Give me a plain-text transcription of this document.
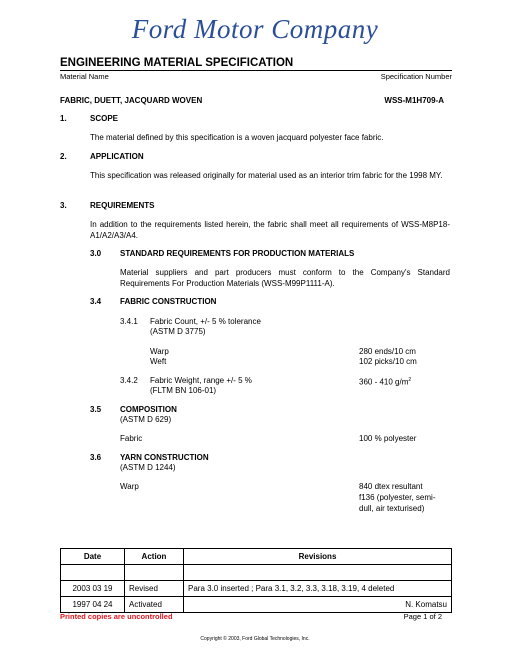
Ford Motor Company
ENGINEERING MATERIAL SPECIFICATION
Material Name	Specification Number
FABRIC, DUETT, JACQUARD WOVEN	WSS-M1H709-A
1.	SCOPE
The material defined by this specification is a woven jacquard polyester face fabric.
2.	APPLICATION
This specification was released originally for material used as an interior trim fabric for the 1998 MY.
3.	REQUIREMENTS
In addition to the requirements listed herein, the fabric shall meet all requirements of WSS-M8P18-A1/A2/A3/A4.
3.0 STANDARD REQUIREMENTS FOR PRODUCTION MATERIALS
Material suppliers and part producers must conform to the Company's Standard Requirements For Production Materials (WSS-M99P1111-A).
3.4 FABRIC CONSTRUCTION
3.4.1 Fabric Count, +/- 5 % tolerance
(ASTM D 3775)
Warp	280 ends/10 cm
Weft	102 picks/10 cm
3.4.2 Fabric Weight, range +/- 5 %
(FLTM BN 106-01)
360 - 410 $g/m^2$
3.5 COMPOSITION
(ASTM D 629)
Fabric	100 % polyester
3.6 YARN CONSTRUCTION
(ASTM D 1244)
Warp	840 dtex resultant
f136 (polyester, semi-
dull, air texturised)
Date	Action	Revisions

2003 03 19	Revised	Para 3.0 inserted ; Para 3.1, 3.2, 3.3, 3.18, 3.19, 4 deleted
1997 04 24	Activated	N. Komatsu
Printed copies are uncontrolled	Page 1 of 2
Copyright © 2003, Ford Global Technologies, Inc.
